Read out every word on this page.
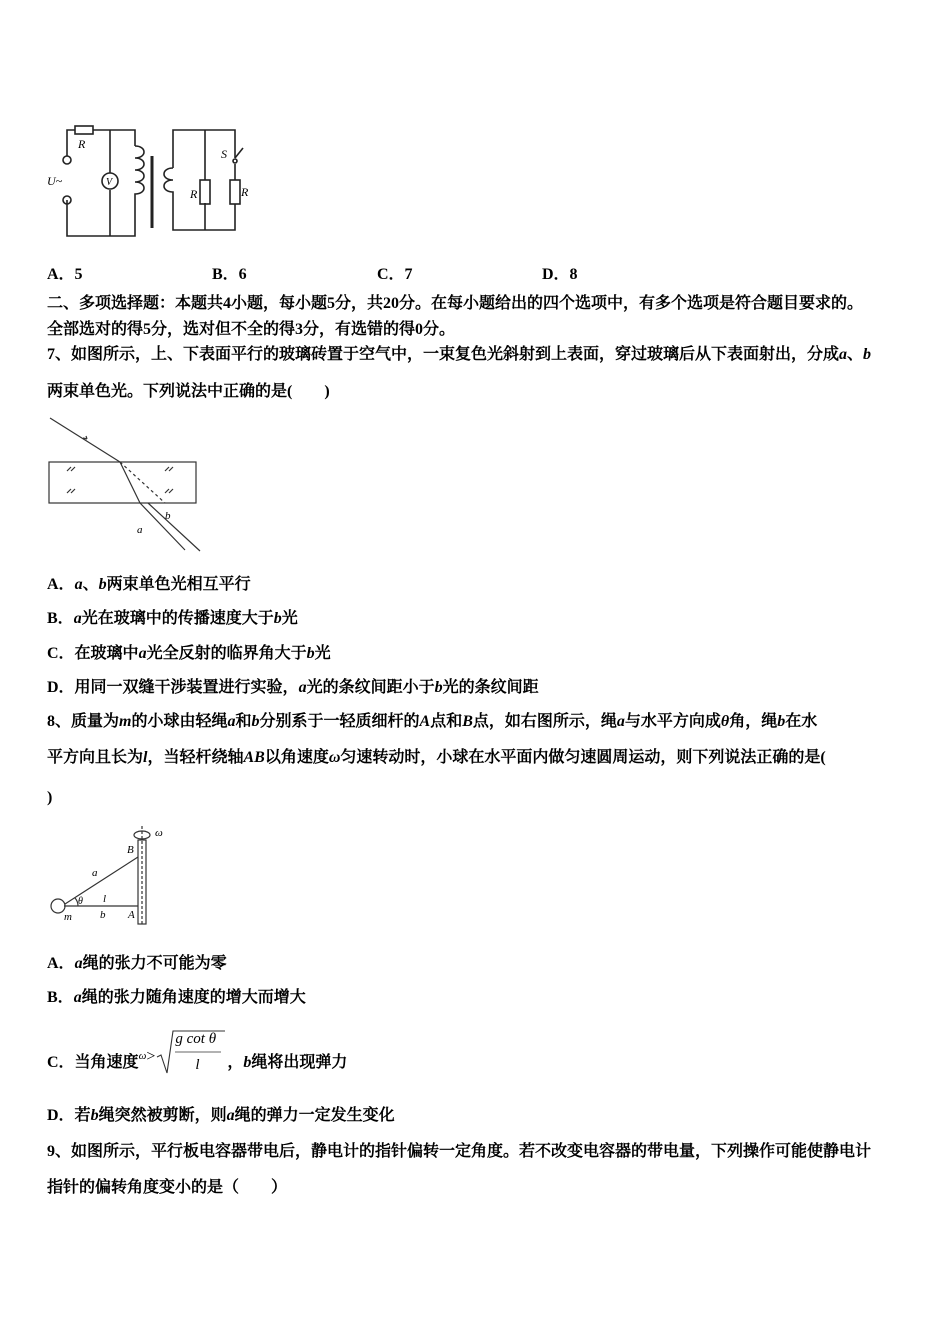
R
U~	V
S
R	R
A．5	B．6	C．7	D．8
二、多项选择题：本题共4小题，每小题5分，共20分。在每小题给出的四个选项中，有多个选项是符合题目要求的。
全部选对的得5分，选对但不全的得3分，有选错的得0分。
7、如图所示，上、下表面平行的玻璃砖置于空气中，一束复色光斜射到上表面，穿过玻璃后从下表面射出，分成a、b
两束单色光。下列说法中正确的是(　　)
a
b
A．a、b两束单色光相互平行
B．a光在玻璃中的传播速度大于b光
C．在玻璃中a光全反射的临界角大于b光
D．用同一双缝干涉装置进行实验，a光的条纹间距小于b光的条纹间距
8、质量为m的小球由轻绳a和b分别系于一轻质细杆的A点和B点，如右图所示，绳a与水平方向成θ角，绳b在水
平方向且长为l，当轻杆绕轴AB以角速度ω匀速转动时，小球在水平面内做匀速圆周运动，则下列说法正确的是(
)
ω
B
a
θ l
m	b A
A．a绳的张力不可能为零
B．a绳的张力随角速度的增大而增大
C．当角速度$^\omega$>
g cot θ
l ，b绳将出现弹力
D．若b绳突然被剪断，则a绳的弹力一定发生变化
9、如图所示，平行板电容器带电后，静电计的指针偏转一定角度。若不改变电容器的带电量，下列操作可能使静电计
指针的偏转角度变小的是（　　）
